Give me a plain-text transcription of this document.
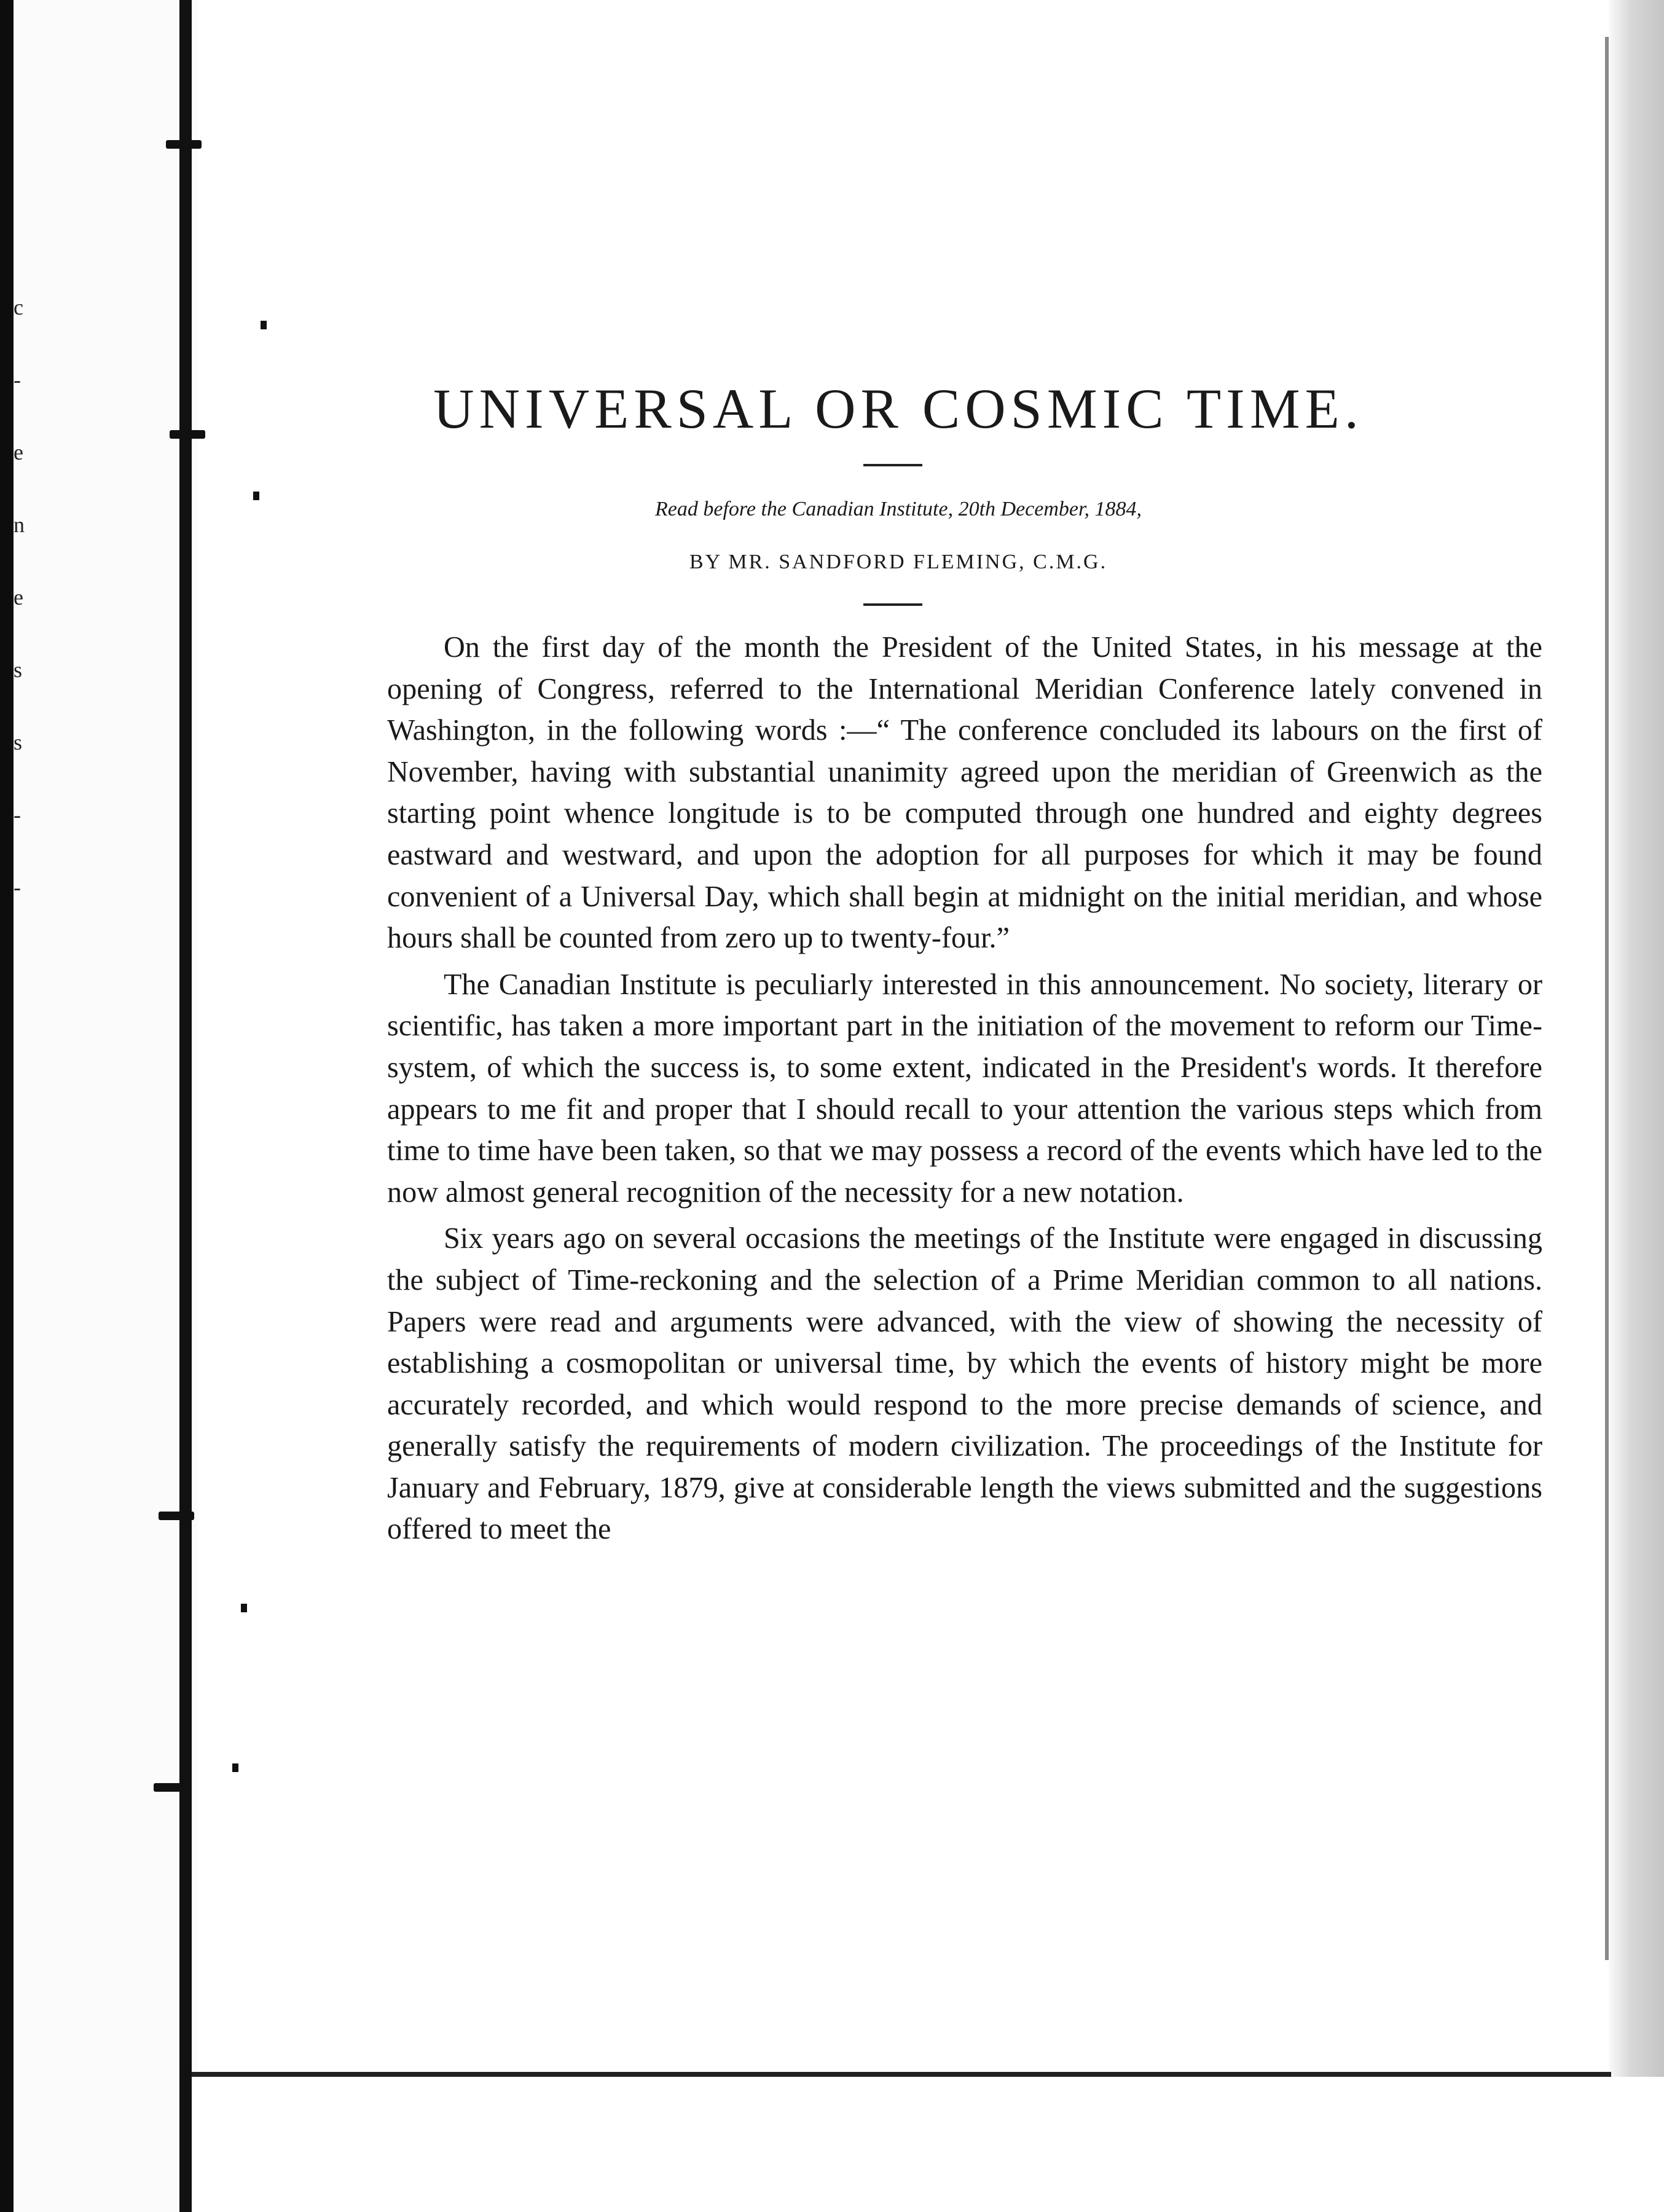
c
-
e
n
e
s
s
-
-
UNIVERSAL OR COSMIC TIME.
Read before the Canadian Institute, 20th December, 1884,
BY MR. SANDFORD FLEMING, C.M.G.

On the first day of the month the President of the United States, in his message at the opening of Congress, referred to the International Meridian Conference lately convened in Washington, in the following words :—“ The conference concluded its labours on the first of November, having with substantial unanimity agreed upon the meridian of Greenwich as the starting point whence longitude is to be computed through one hundred and eighty degrees eastward and westward, and upon the adoption for all purposes for which it may be found convenient of a Universal Day, which shall begin at midnight on the initial meridian, and whose hours shall be counted from zero up to twenty-four.”

The Canadian Institute is peculiarly interested in this announcement. No society, literary or scientific, has taken a more important part in the initiation of the movement to reform our Time-system, of which the success is, to some extent, indicated in the President's words. It therefore appears to me fit and proper that I should recall to your attention the various steps which from time to time have been taken, so that we may possess a record of the events which have led to the now almost general recognition of the necessity for a new notation.

Six years ago on several occasions the meetings of the Institute were engaged in discussing the subject of Time-reckoning and the selection of a Prime Meridian common to all nations. Papers were read and arguments were advanced, with the view of showing the necessity of establishing a cosmopolitan or universal time, by which the events of history might be more accurately recorded, and which would respond to the more precise demands of science, and generally satisfy the requirements of modern civilization. The proceedings of the Institute for January and February, 1879, give at considerable length the views submitted and the suggestions offered to meet the
